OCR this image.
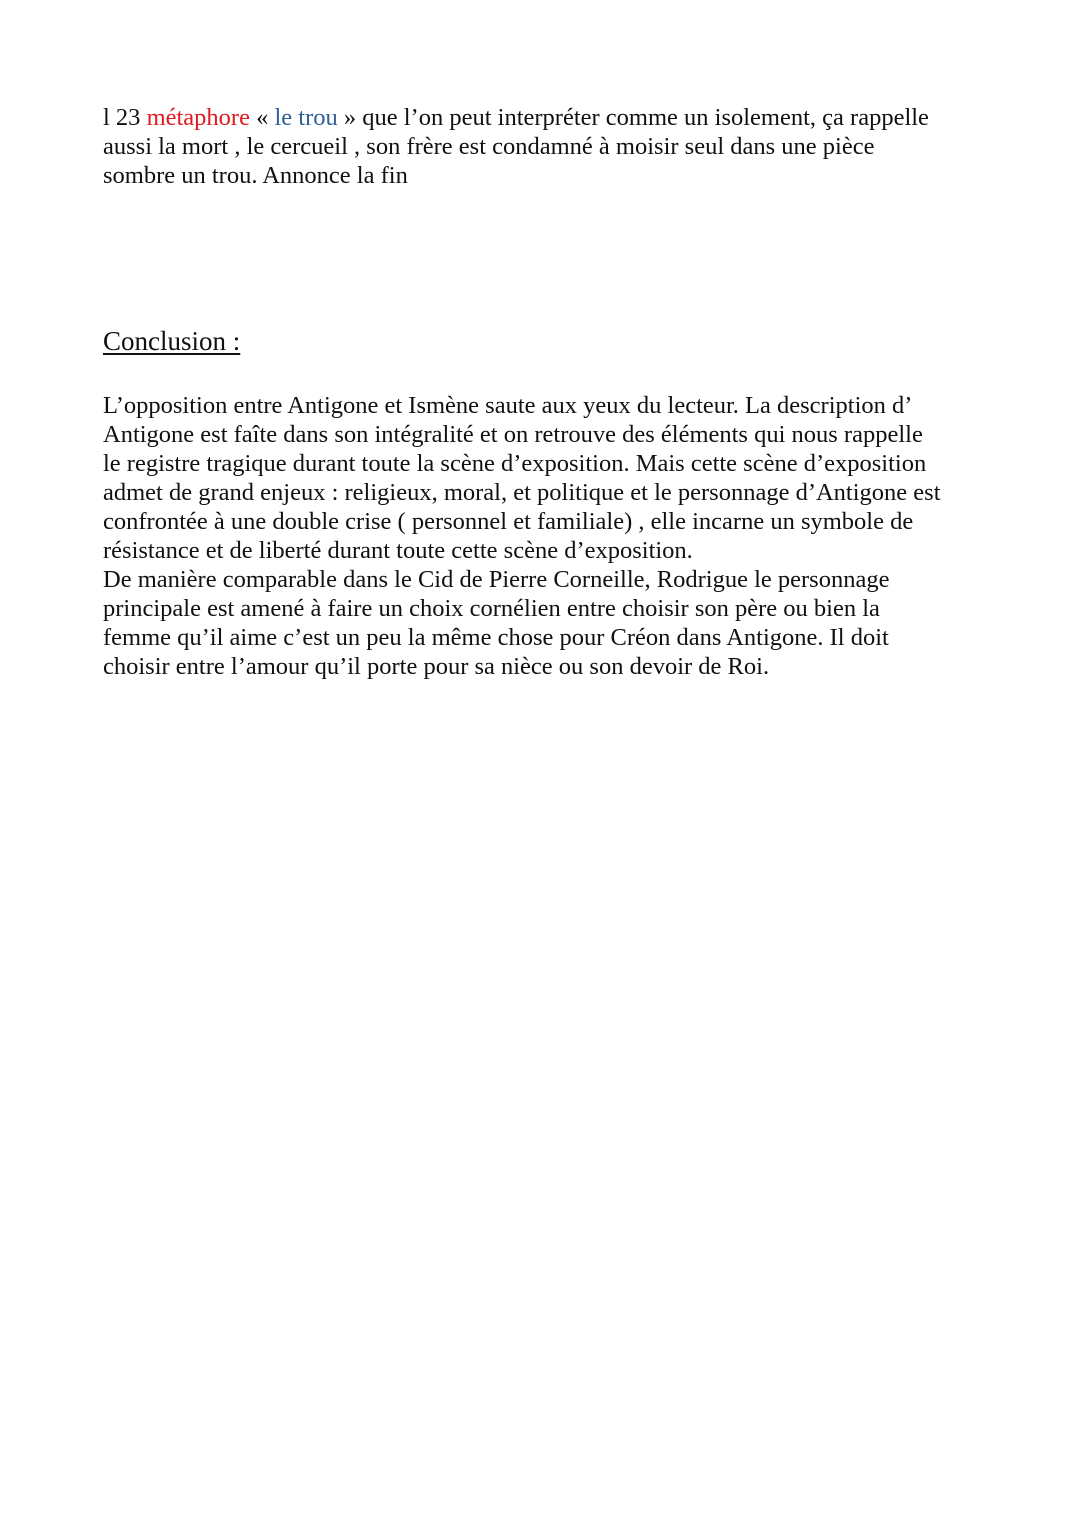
l 23 métaphore « le trou » que l’on peut interpréter comme un isolement, ça rappelle
aussi la mort , le cercueil , son frère est condamné à moisir seul dans une pièce
sombre un trou. Annonce la fin

Conclusion :

L’opposition entre Antigone et Ismène saute aux yeux du lecteur. La description d’
Antigone est faîte dans son intégralité et on retrouve des éléments qui nous rappelle
le registre tragique durant toute la scène d’exposition. Mais cette scène d’exposition
admet de grand enjeux : religieux, moral, et politique et le personnage d’Antigone est
confrontée à une double crise ( personnel et familiale) , elle incarne un symbole de
résistance et de liberté durant toute cette scène d’exposition.
De manière comparable dans le Cid de Pierre Corneille, Rodrigue le personnage
principale est amené à faire un choix cornélien entre choisir son père ou bien la
femme qu’il aime c’est un peu la même chose pour Créon dans Antigone. Il doit
choisir entre l’amour qu’il porte pour sa nièce ou son devoir de Roi.
